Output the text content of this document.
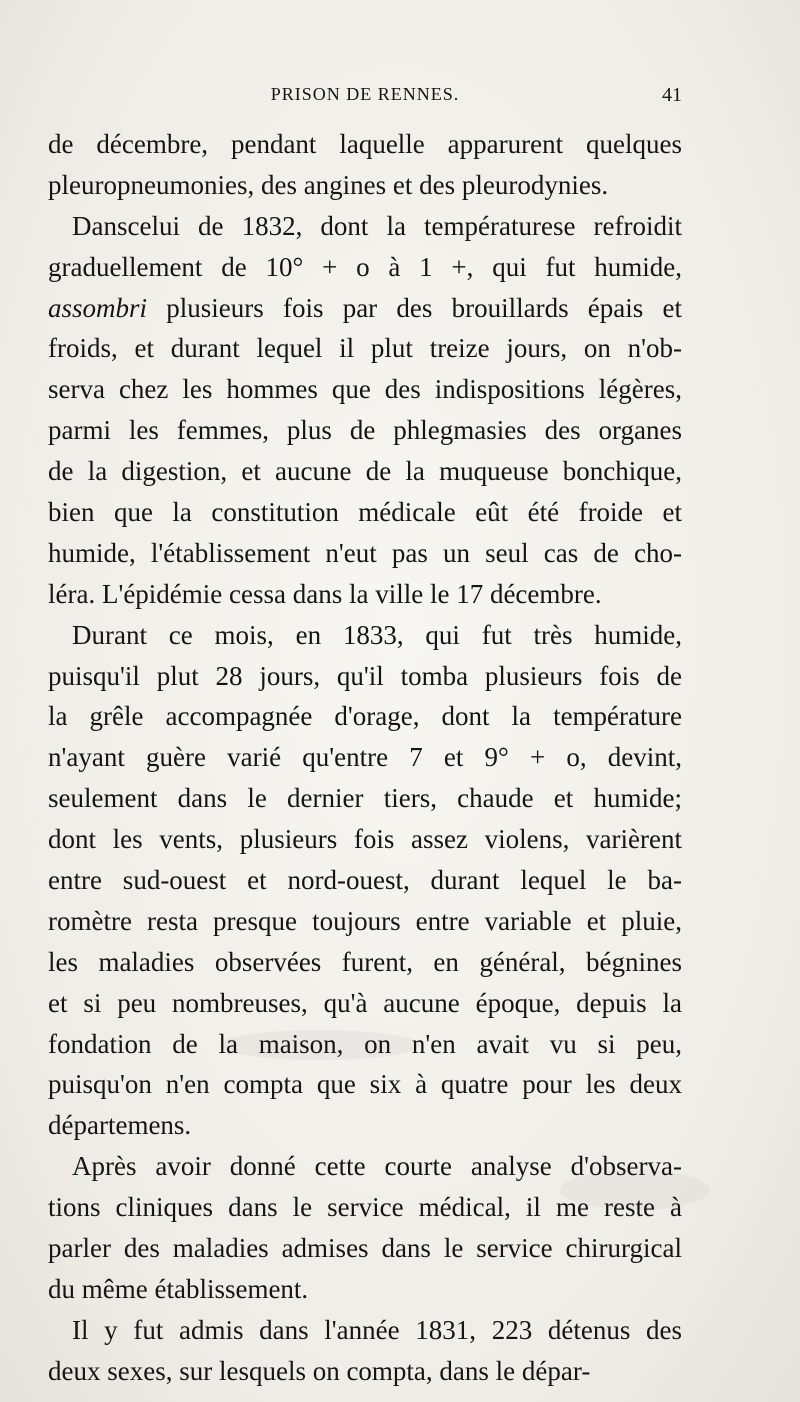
PRISON DE RENNES.	41
de décembre, pendant laquelle apparurent quelques
pleuropneumonies, des angines et des pleurodynies.
Danscelui de 1832, dont la températurese refroidit
graduellement de 10° + o à 1 +, qui fut humide,
assombri plusieurs fois par des brouillards épais et
froids, et durant lequel il plut treize jours, on n'ob-
serva chez les hommes que des indispositions légères,
parmi les femmes, plus de phlegmasies des organes
de la digestion, et aucune de la muqueuse bonchique,
bien que la constitution médicale eût été froide et
humide, l'établissement n'eut pas un seul cas de cho-
léra. L'épidémie cessa dans la ville le 17 décembre.
Durant ce mois, en 1833, qui fut très humide,
puisqu'il plut 28 jours, qu'il tomba plusieurs fois de
la grêle accompagnée d'orage, dont la température
n'ayant guère varié qu'entre 7 et 9° + o, devint,
seulement dans le dernier tiers, chaude et humide;
dont les vents, plusieurs fois assez violens, varièrent
entre sud-ouest et nord-ouest, durant lequel le ba-
romètre resta presque toujours entre variable et pluie,
les maladies observées furent, en général, bégnines
et si peu nombreuses, qu'à aucune époque, depuis la
fondation de la maison, on n'en avait vu si peu,
puisqu'on n'en compta que six à quatre pour les deux
départemens.
Après avoir donné cette courte analyse d'observa-
tions cliniques dans le service médical, il me reste à
parler des maladies admises dans le service chirurgical
du même établissement.
Il y fut admis dans l'année 1831, 223 détenus des
deux sexes, sur lesquels on compta, dans le dépar-
